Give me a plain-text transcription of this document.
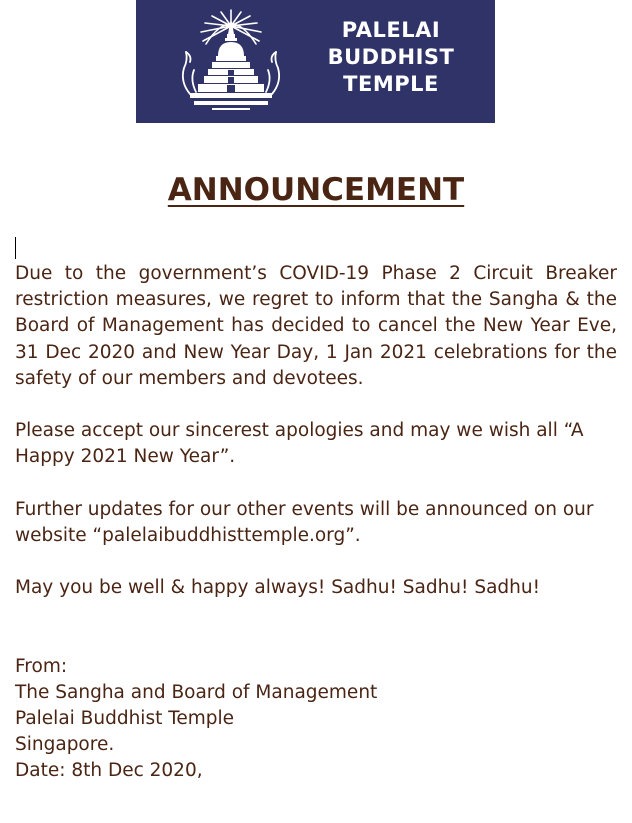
PALELAI
BUDDHIST
TEMPLE
ANNOUNCEMENT

Due to the government’s COVID-19 Phase 2 Circuit Breaker restriction measures, we regret to inform that the Sangha & the Board of Management has decided to cancel the New Year Eve, 31 Dec 2020 and New Year Day, 1 Jan 2021 celebrations for the safety of our members and devotees.

Please accept our sincerest apologies and may we wish all “A Happy 2021 New Year”.

Further updates for our other events will be announced on our website “palelaibuddhisttemple.org”.

May you be well & happy always! Sadhu! Sadhu! Sadhu!

From:
The Sangha and Board of Management
Palelai Buddhist Temple
Singapore.
Date: 8th Dec 2020,
